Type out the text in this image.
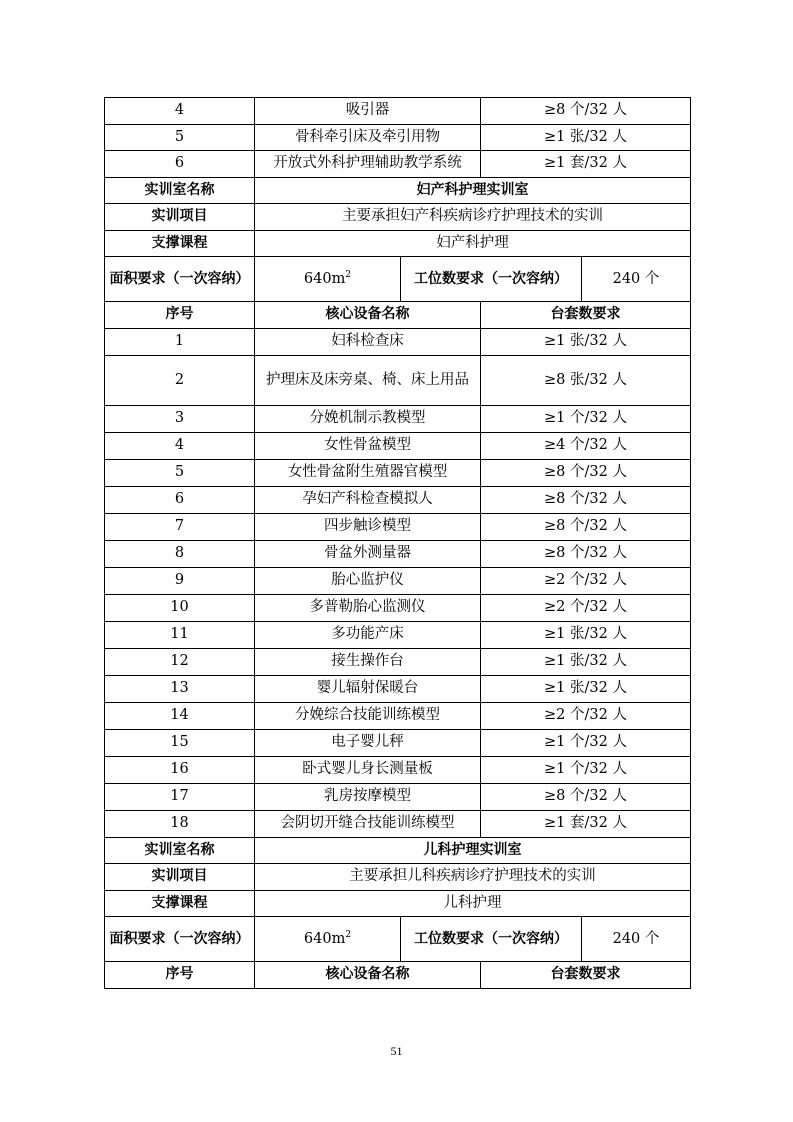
4	吸引器		≥8 个/32 人	
5	骨科牵引床及牵引用物		≥1 张/32 人	
6	开放式外科护理辅助教学系统		≥1 套/32 人	
实训室名称	妇产科护理实训室			
实训项目	主要承担妇产科疾病诊疗护理技术的实训			
支撑课程	妇产科护理			
面积要求（一次容纳）	$640m^2$	工位数要求（一次容纳）		240 个
序号	核心设备名称		台套数要求	
1	妇科检查床		≥1 张/32 人	
2	护理床及床旁桌、椅、床上用品		≥8 张/32 人	
3	分娩机制示教模型		≥1 个/32 人	
4	女性骨盆模型		≥4 个/32 人	
5	女性骨盆附生殖器官模型		≥8 个/32 人	
6	孕妇产科检查模拟人		≥8 个/32 人	
7	四步触诊模型		≥8 个/32 人	
8	骨盆外测量器		≥8 个/32 人	
9	胎心监护仪		≥2 个/32 人	
10	多普勒胎心监测仪		≥2 个/32 人	
11	多功能产床		≥1 张/32 人	
12	接生操作台		≥1 张/32 人	
13	婴儿辐射保暖台		≥1 张/32 人	
14	分娩综合技能训练模型		≥2 个/32 人	
15	电子婴儿秤		≥1 个/32 人	
16	卧式婴儿身长测量板		≥1 个/32 人	
17	乳房按摩模型		≥8 个/32 人	
18	会阴切开缝合技能训练模型		≥1 套/32 人	
实训室名称	儿科护理实训室			
实训项目	主要承担儿科疾病诊疗护理技术的实训			
支撑课程	儿科护理			
面积要求（一次容纳）	$640m^2$	工位数要求（一次容纳）		240 个
序号	核心设备名称		台套数要求	
51
